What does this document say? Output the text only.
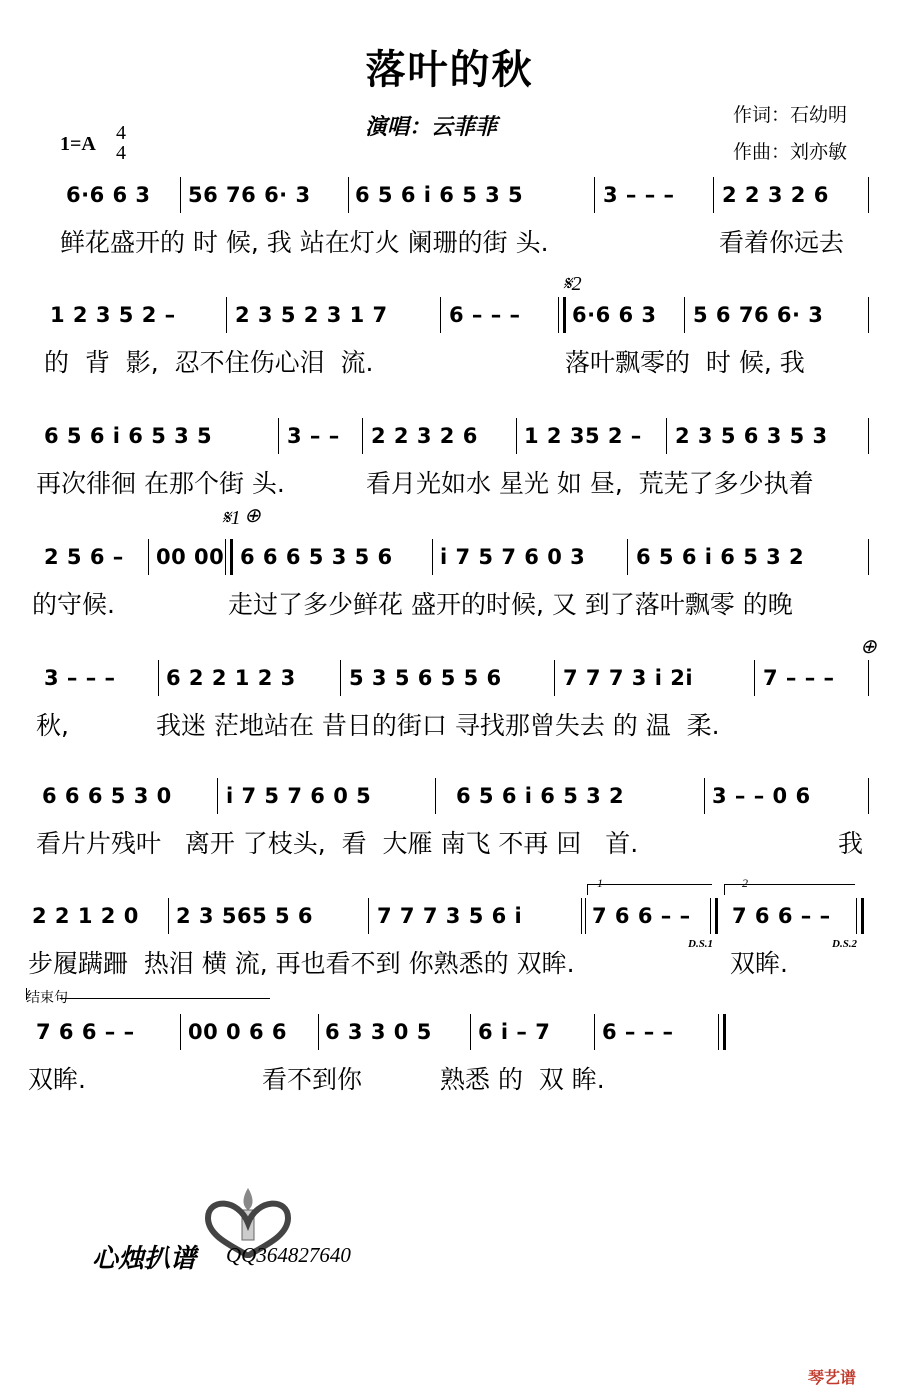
落叶的秋
演唱：云菲菲	作词：石幼明
作曲：刘亦敏
1=A 4
4
6·6 6 3 56 76 6· 3 6 5 6 i 6 5 3 5	3 – – – 2 2 3 2 6
鲜花盛开的 时 候, 我 站在灯火 阑珊的街 头.	看着你远去
𝄋2
1 2 3 5 2 –	2 3 5 2 3 1 7	6 – – – 6·6 6 3 5 6 76 6· 3
的  背  影,  忍不住伤心泪  流.	落叶飘零的  时 候, 我
6 5 6 i 6 5 3 5	3 – – 2 2 3 2 6 1 2 35 2 – 2 3 5 6 3 5 3
再次徘徊 在那个街 头.	看月光如水 星光 如 昼,  荒芜了多少执着
𝄋1 ⊕
2 5 6 – 00 00 6 6 6 5 3 5 6 i 7 5 7 6 0 3 6 5 6 i 6 5 3 2
的守候.	走过了多少鲜花 盛开的时候, 又 到了落叶飘零 的晚
⊕
3 – – – 6 2 2 1 2 3	5 3 5 6 5 5 6	7 7 7 3 i 2i	7 – – –
秋,	我迷 茫地站在 昔日的街口 寻找那曾失去 的 温  柔.
6 6 6 5 3 0	i 7 5 7 6 0 5	6 5 6 i 6 5 3 2	3 – – 0 6
看片片残叶   离开 了枝头,  看  大雁 南飞 不再 回   首.	我
1	2
2 2 1 2 0 2 3 565 5 6	7 7 7 3 5 6 i	7 6 6 – – 7 6 6 – –
D.S.1	D.S.2
步履蹒跚  热泪 横 流, 再也看不到 你熟悉的 双眸.	双眸.
结束句
7 6 6 – –	00 0 6 6 6 3 3 0 5 6 i – 7 6 – – –
双眸.	看不到你	熟悉 的  双 眸.
心烛扒谱 QQ364827640
琴艺谱
